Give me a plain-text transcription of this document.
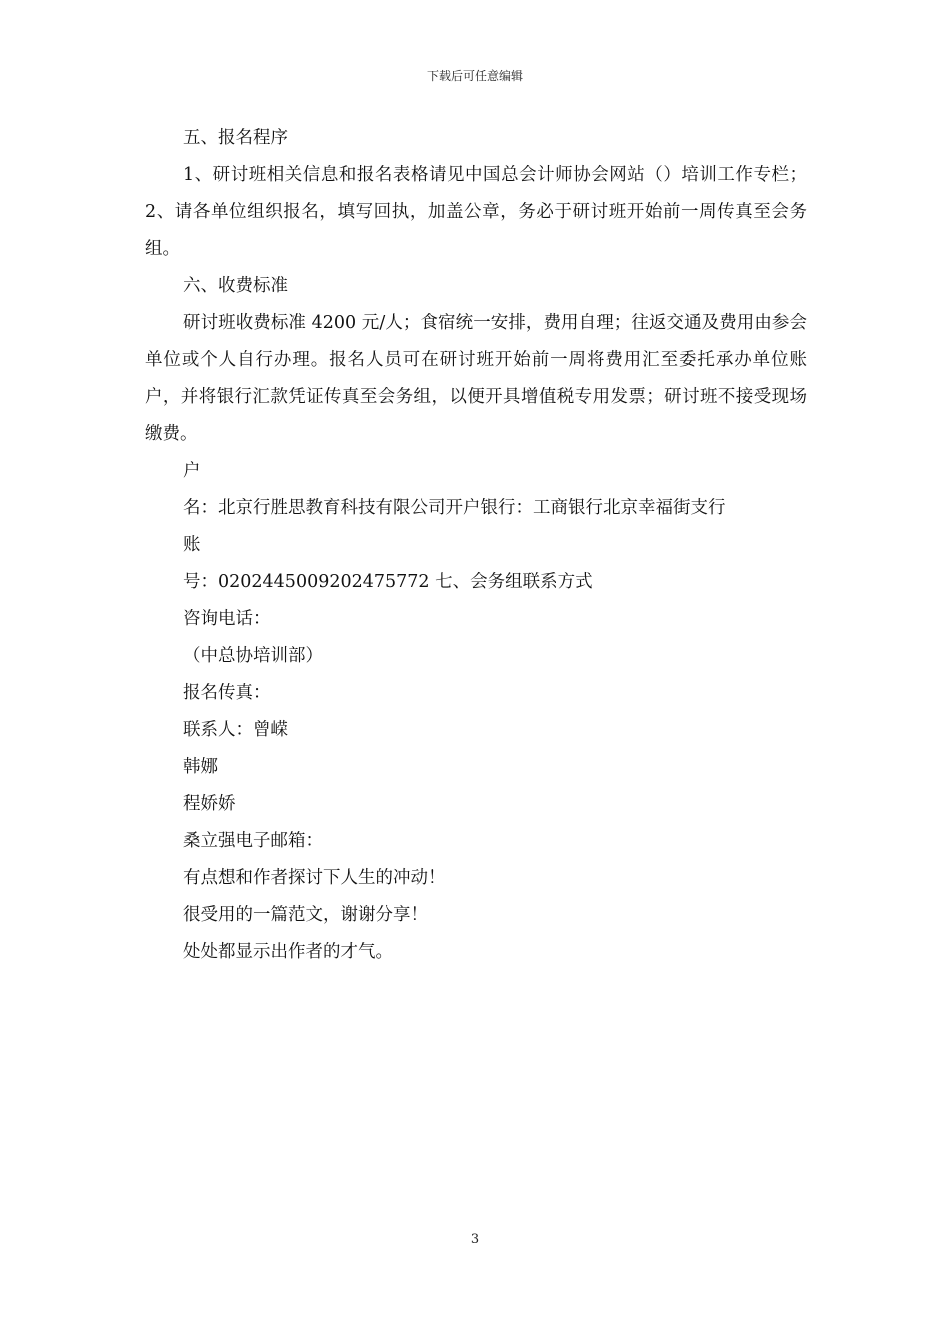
下载后可任意编辑

五、报名程序

1、研讨班相关信息和报名表格请见中国总会计师协会网站（）培训工作专栏；2、请各单位组织报名，填写回执，加盖公章，务必于研讨班开始前一周传真至会务组。

六、收费标准

研讨班收费标准 4200 元/人；食宿统一安排，费用自理；往返交通及费用由参会单位或个人自行办理。报名人员可在研讨班开始前一周将费用汇至委托承办单位账户，并将银行汇款凭证传真至会务组，以便开具增值税专用发票；研讨班不接受现场缴费。

户

名：北京行胜思教育科技有限公司开户银行：工商银行北京幸福街支行

账

号：0202445009202475772 七、会务组联系方式

咨询电话：

（中总协培训部）

报名传真：

联系人：曾嵘

韩娜

程娇娇

桑立强电子邮箱：

有点想和作者探讨下人生的冲动！

很受用的一篇范文，谢谢分享！

处处都显示出作者的才气。

3
